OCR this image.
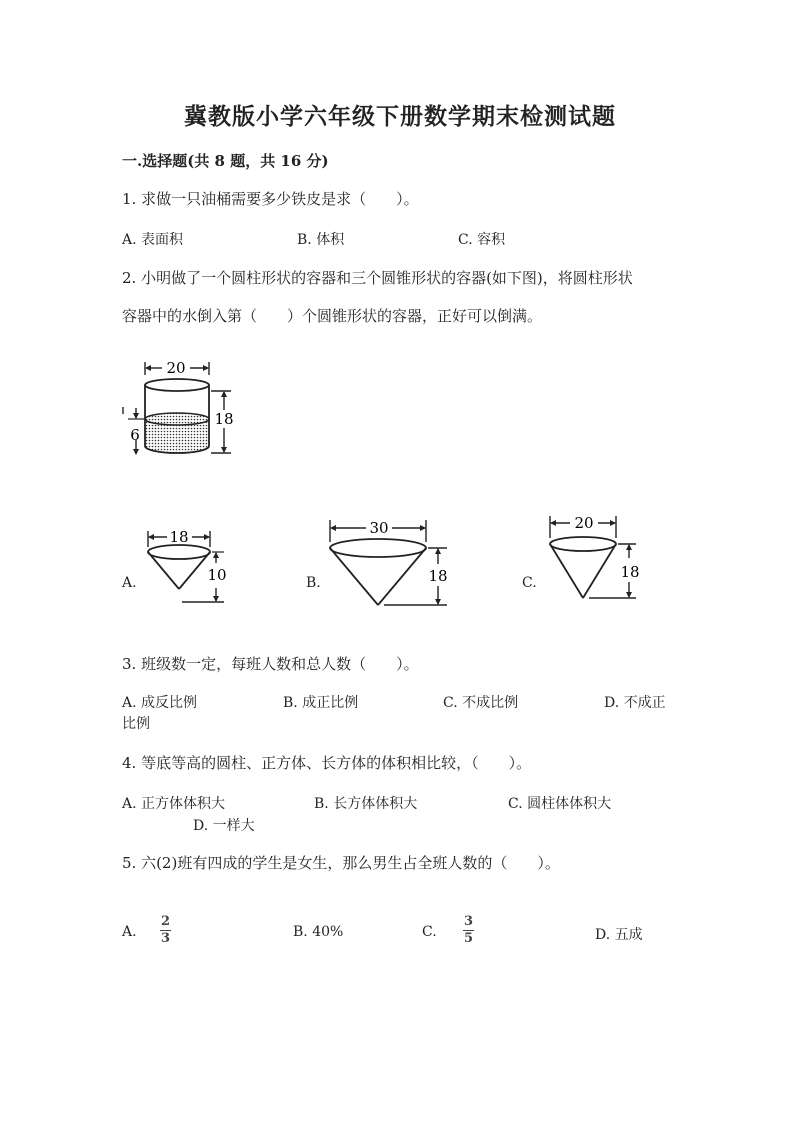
冀教版小学六年级下册数学期末检测试题
一.选择题(共 8 题，共 16 分)
1. 求做一只油桶需要多少铁皮是求（　　）。
A. 表面积	B. 体积	C. 容积
2. 小明做了一个圆柱形状的容器和三个圆锥形状的容器(如下图)，将圆柱形状
容器中的水倒入第（　　）个圆锥形状的容器，正好可以倒满。
20
18
6
A.
18
10	B.
30
18	C.
20
18
3. 班级数一定，每班人数和总人数（　　）。
A. 成反比例	B. 成正比例	C. 不成比例	D. 不成正
比例
4. 等底等高的圆柱、正方体、长方体的体积相比较，（　　）。
A. 正方体体积大	B. 长方体体积大	C. 圆柱体体积大
D. 一样大
5. 六(2)班有四成的学生是女生，那么男生占全班人数的（　　）。
A.
2
3	B. 40%	C.
3
5	D. 五成
